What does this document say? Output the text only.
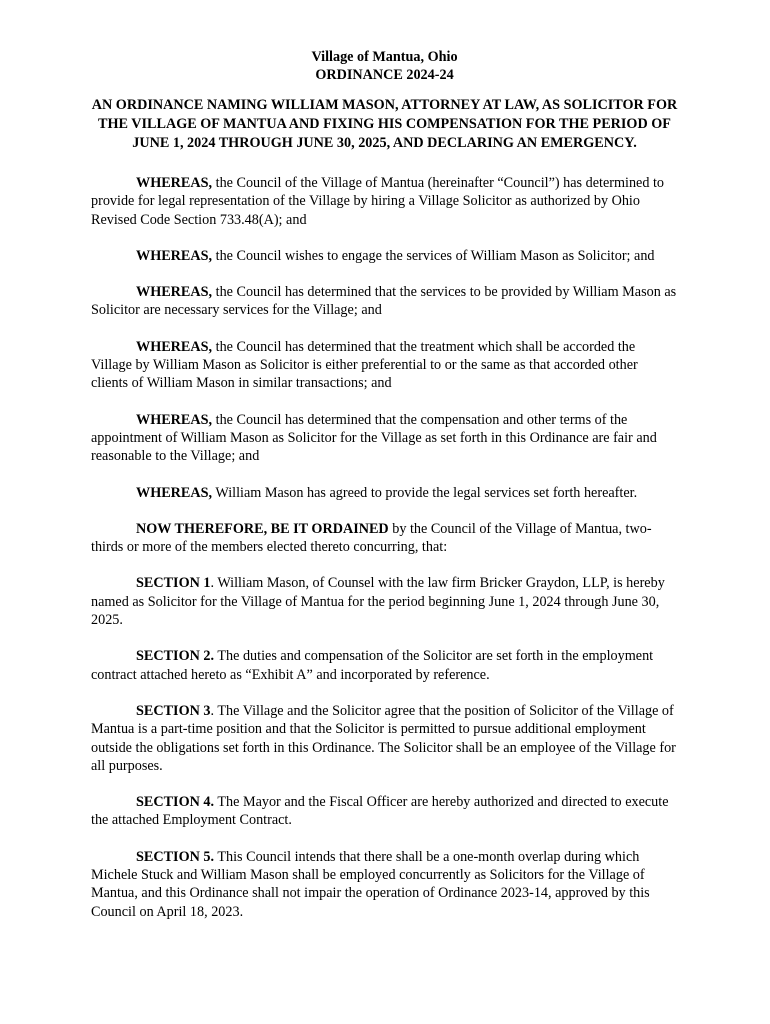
Village of Mantua, Ohio
ORDINANCE 2024-24
AN ORDINANCE NAMING WILLIAM MASON, ATTORNEY AT LAW, AS SOLICITOR FOR THE VILLAGE OF MANTUA AND FIXING HIS COMPENSATION FOR THE PERIOD OF JUNE 1, 2024 THROUGH JUNE 30, 2025, AND DECLARING AN EMERGENCY.

WHEREAS, the Council of the Village of Mantua (hereinafter “Council”) has determined to provide for legal representation of the Village by hiring a Village Solicitor as authorized by Ohio Revised Code Section 733.48(A); and

WHEREAS, the Council wishes to engage the services of William Mason as Solicitor; and

WHEREAS, the Council has determined that the services to be provided by William Mason as Solicitor are necessary services for the Village; and

WHEREAS, the Council has determined that the treatment which shall be accorded the Village by William Mason as Solicitor is either preferential to or the same as that accorded other clients of William Mason in similar transactions; and

WHEREAS, the Council has determined that the compensation and other terms of the appointment of William Mason as Solicitor for the Village as set forth in this Ordinance are fair and reasonable to the Village; and

WHEREAS, William Mason has agreed to provide the legal services set forth hereafter.

NOW THEREFORE, BE IT ORDAINED by the Council of the Village of Mantua, two-thirds or more of the members elected thereto concurring, that:

SECTION 1. William Mason, of Counsel with the law firm Bricker Graydon, LLP, is hereby named as Solicitor for the Village of Mantua for the period beginning June 1, 2024 through June 30, 2025.

SECTION 2. The duties and compensation of the Solicitor are set forth in the employment contract attached hereto as “Exhibit A” and incorporated by reference.

SECTION 3. The Village and the Solicitor agree that the position of Solicitor of the Village of Mantua is a part-time position and that the Solicitor is permitted to pursue additional employment outside the obligations set forth in this Ordinance. The Solicitor shall be an employee of the Village for all purposes.

SECTION 4. The Mayor and the Fiscal Officer are hereby authorized and directed to execute the attached Employment Contract.

SECTION 5. This Council intends that there shall be a one-month overlap during which Michele Stuck and William Mason shall be employed concurrently as Solicitors for the Village of Mantua, and this Ordinance shall not impair the operation of Ordinance 2023-14, approved by this Council on April 18, 2023.
